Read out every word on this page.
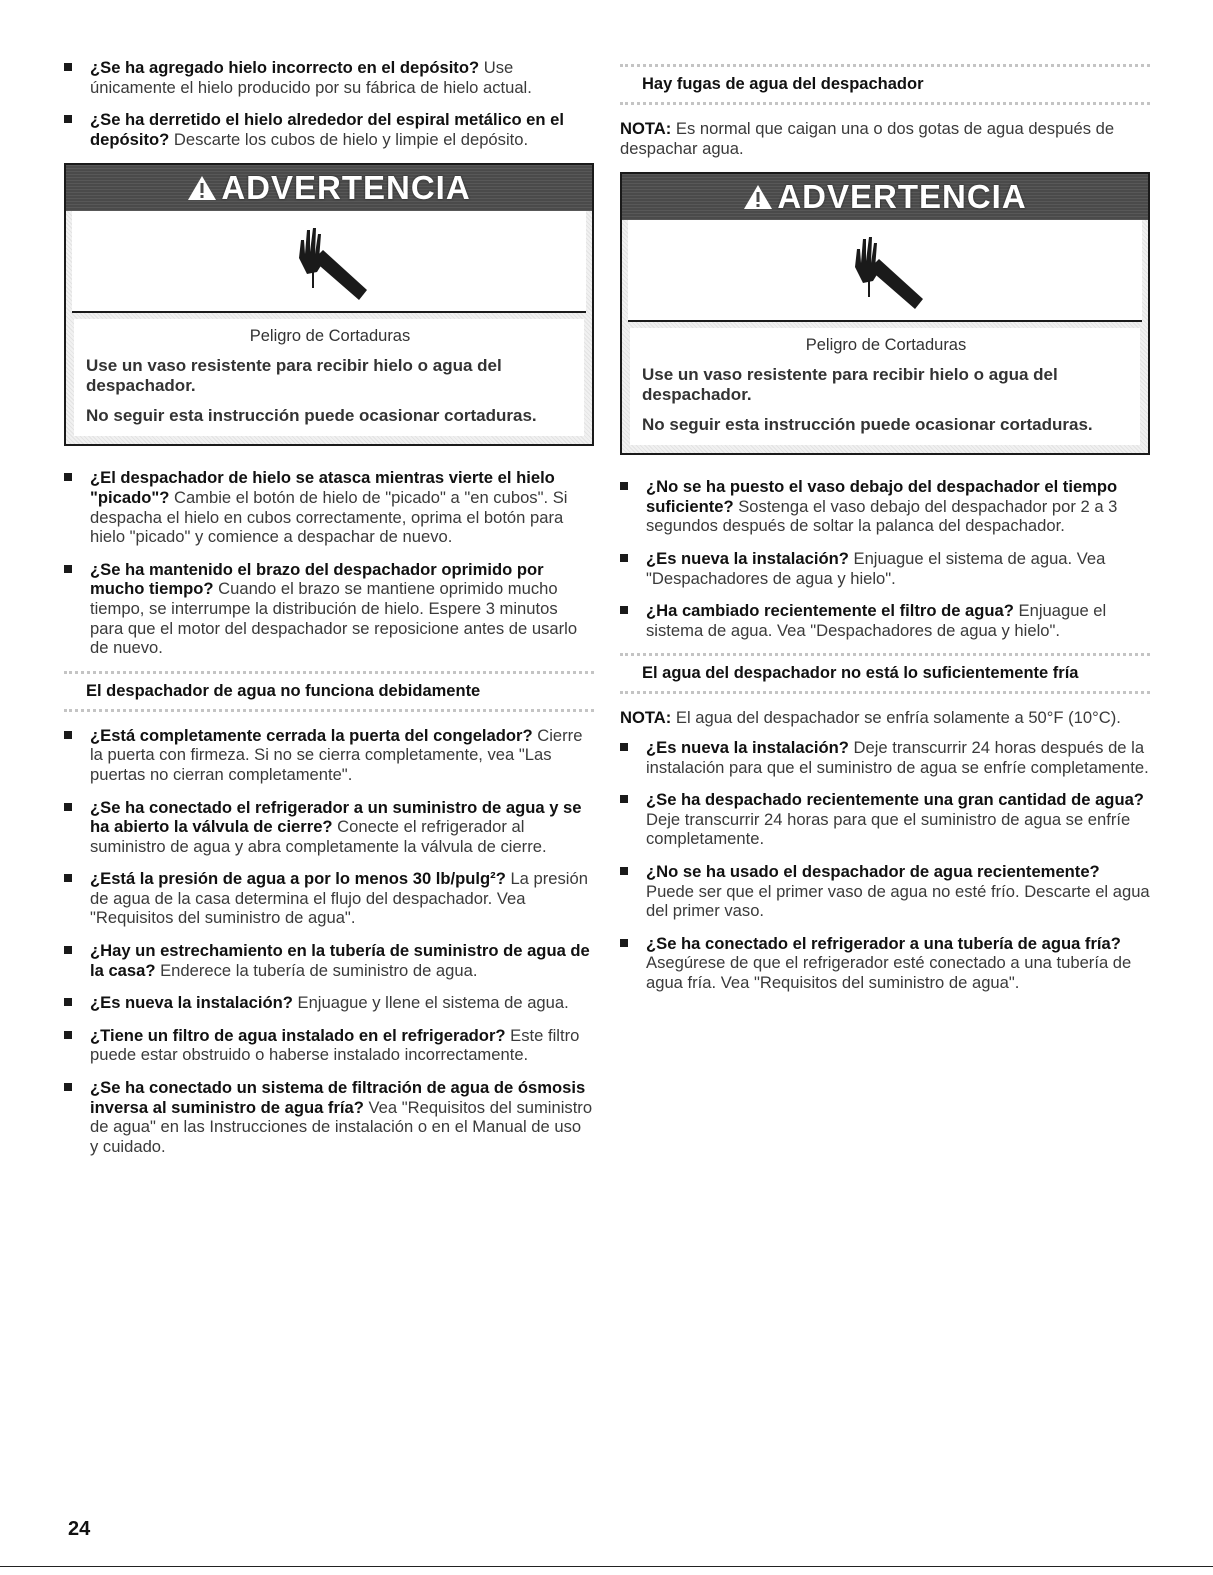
¿Se ha agregado hielo incorrecto en el depósito? Use únicamente el hielo producido por su fábrica de hielo actual.
¿Se ha derretido el hielo alrededor del espiral metálico en el depósito? Descarte los cubos de hielo y limpie el depósito.
ADVERTENCIA
Peligro de Cortaduras

Use un vaso resistente para recibir hielo o agua del despachador.

No seguir esta instrucción puede ocasionar cortaduras.

¿El despachador de hielo se atasca mientras vierte el hielo "picado"? Cambie el botón de hielo de "picado" a "en cubos". Si despacha el hielo en cubos correctamente, oprima el botón para hielo "picado" y comience a despachar de nuevo.
¿Se ha mantenido el brazo del despachador oprimido por mucho tiempo? Cuando el brazo se mantiene oprimido mucho tiempo, se interrumpe la distribución de hielo. Espere 3 minutos para que el motor del despachador se reposicione antes de usarlo de nuevo.
El despachador de agua no funciona debidamente
¿Está completamente cerrada la puerta del congelador? Cierre la puerta con firmeza. Si no se cierra completamente, vea "Las puertas no cierran completamente".
¿Se ha conectado el refrigerador a un suministro de agua y se ha abierto la válvula de cierre? Conecte el refrigerador al suministro de agua y abra completamente la válvula de cierre.
¿Está la presión de agua a por lo menos 30 lb/pulg²? La presión de agua de la casa determina el flujo del despachador. Vea "Requisitos del suministro de agua".
¿Hay un estrechamiento en la tubería de suministro de agua de la casa? Enderece la tubería de suministro de agua.
¿Es nueva la instalación? Enjuague y llene el sistema de agua.
¿Tiene un filtro de agua instalado en el refrigerador? Este filtro puede estar obstruido o haberse instalado incorrectamente.
¿Se ha conectado un sistema de filtración de agua de ósmosis inversa al suministro de agua fría? Vea "Requisitos del suministro de agua" en las Instrucciones de instalación o en el Manual de uso y cuidado.
Hay fugas de agua del despachador

NOTA: Es normal que caigan una o dos gotas de agua después de despachar agua.

ADVERTENCIA
Peligro de Cortaduras

Use un vaso resistente para recibir hielo o agua del despachador.

No seguir esta instrucción puede ocasionar cortaduras.

¿No se ha puesto el vaso debajo del despachador el tiempo suficiente? Sostenga el vaso debajo del despachador por 2 a 3 segundos después de soltar la palanca del despachador.
¿Es nueva la instalación? Enjuague el sistema de agua. Vea "Despachadores de agua y hielo".
¿Ha cambiado recientemente el filtro de agua? Enjuague el sistema de agua. Vea "Despachadores de agua y hielo".
El agua del despachador no está lo suficientemente fría

NOTA: El agua del despachador se enfría solamente a 50°F (10°C).

¿Es nueva la instalación? Deje transcurrir 24 horas después de la instalación para que el suministro de agua se enfríe completamente.
¿Se ha despachado recientemente una gran cantidad de agua? Deje transcurrir 24 horas para que el suministro de agua se enfríe completamente.
¿No se ha usado el despachador de agua recientemente? Puede ser que el primer vaso de agua no esté frío. Descarte el agua del primer vaso.
¿Se ha conectado el refrigerador a una tubería de agua fría? Asegúrese de que el refrigerador esté conectado a una tubería de agua fría. Vea "Requisitos del suministro de agua".
24
